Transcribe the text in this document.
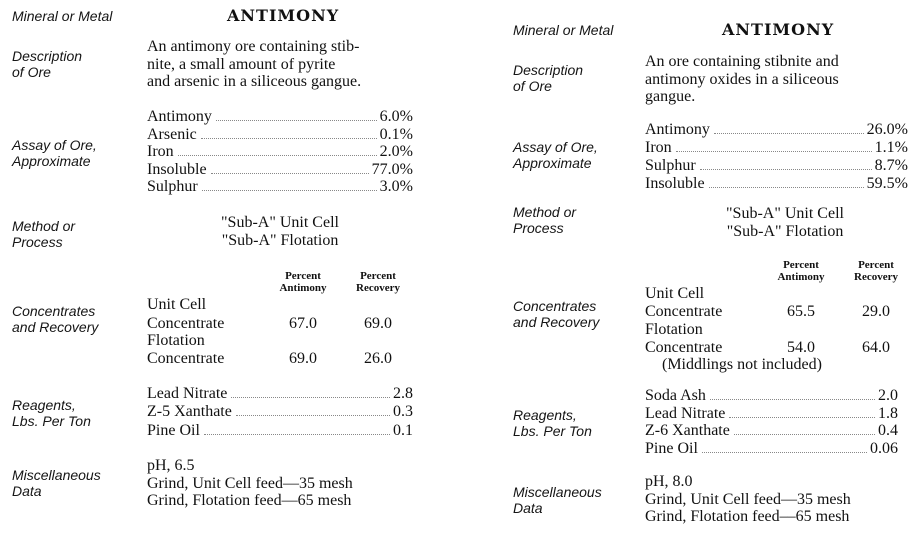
Mineral or Metal	ANTIMONY
Description
of Ore
An antimony ore containing stib-
nite, a small amount of pyrite
and arsenic in a siliceous gangue.
Assay of Ore,
Approximate
Antimony	6.0%
Arsenic	0.1%
Iron	2.0%
Insoluble	77.0%
Sulphur	3.0%
Method or
Process
"Sub-A" Unit Cell
"Sub-A" Flotation
Percent
Antimony
Percent
Recovery
Concentrates
and Recovery
Unit Cell
Concentrate	67.0	69.0
Flotation
Concentrate	69.0	26.0
Reagents,
Lbs. Per Ton
Lead Nitrate	2.8
Z-5 Xanthate	0.3
Pine Oil	0.1
Miscellaneous
Data
pH, 6.5
Grind, Unit Cell feed—35 mesh
Grind, Flotation feed—65 mesh
Mineral or Metal	ANTIMONY
Description
of Ore
An ore containing stibnite and
antimony oxides in a siliceous
gangue.
Assay of Ore,
Approximate
Antimony	26.0%
Iron	1.1%
Sulphur	8.7%
Insoluble	59.5%
Method or
Process
"Sub-A" Unit Cell
"Sub-A" Flotation
Percent
Antimony
Percent
Recovery
Concentrates
and Recovery
Unit Cell
Concentrate	65.5	29.0
Flotation
Concentrate	54.0	64.0
(Middlings not included)
Reagents,
Lbs. Per Ton
Soda Ash	2.0
Lead Nitrate	1.8
Z-6 Xanthate	0.4
Pine Oil	0.06
Miscellaneous
Data
pH, 8.0
Grind, Unit Cell feed—35 mesh
Grind, Flotation feed––65 mesh
